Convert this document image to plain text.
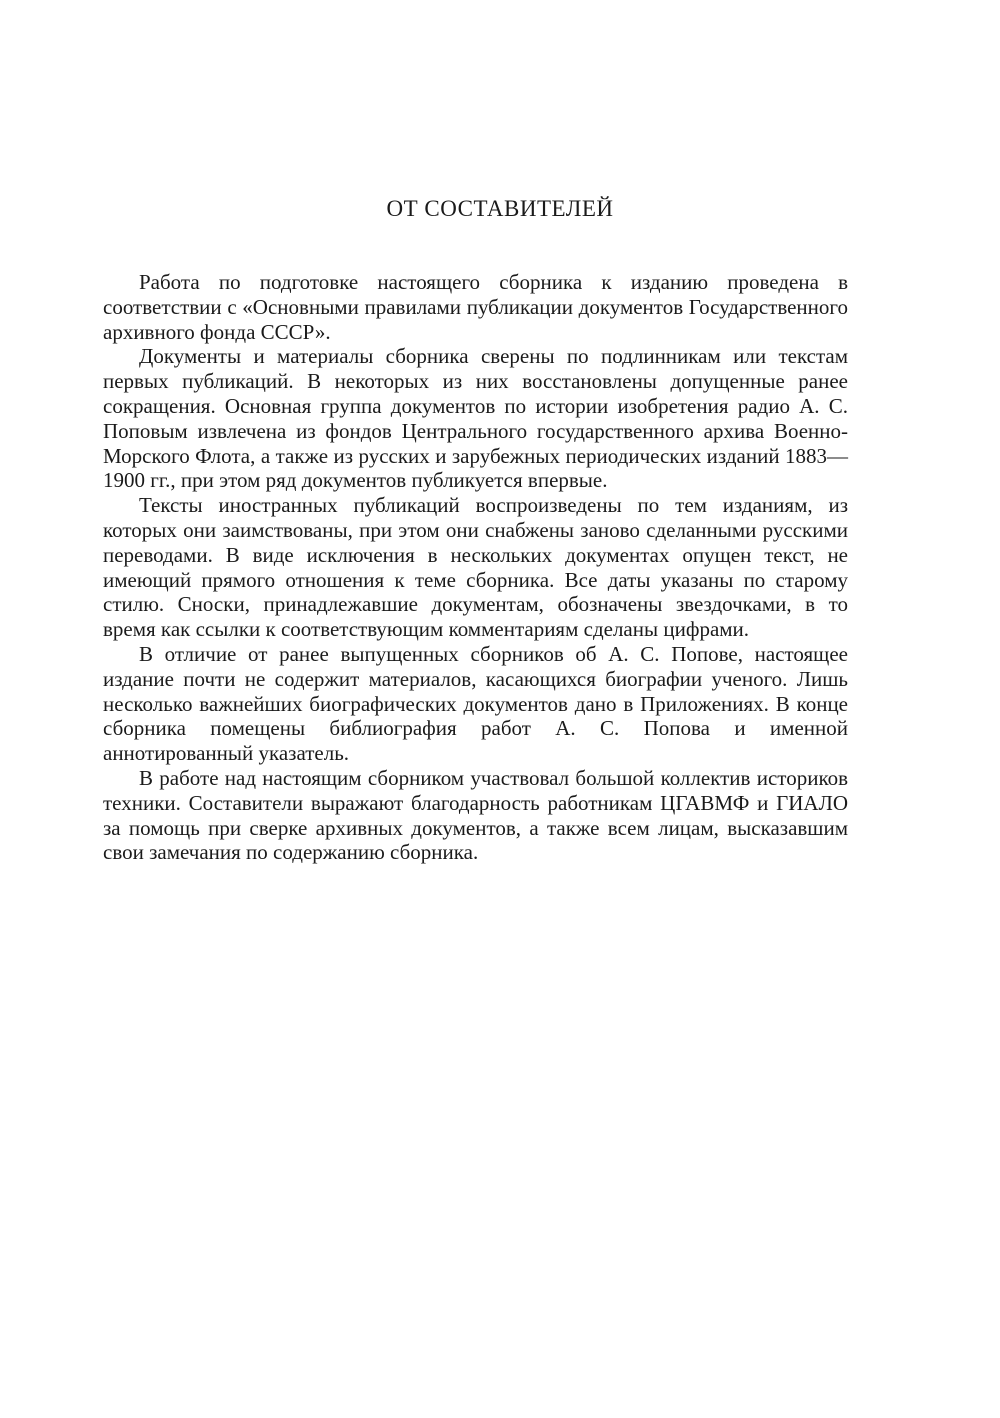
ОТ СОСТАВИТЕЛЕЙ

Работа по подготовке настоящего сборника к изданию проведена в соответствии с «Основными правилами публикации документов Государственного архивного фонда СССР».

Документы и материалы сборника сверены по подлинникам или текстам первых публикаций. В некоторых из них восстановлены допущенные ранее сокращения. Основная группа документов по истории изобретения радио А. С. Поповым извлечена из фондов Центрального государственного архива Военно-Морского Флота, а также из русских и зарубежных периодических изданий 1883—1900 гг., при этом ряд документов публикуется впервые.

Тексты иностранных публикаций воспроизведены по тем изданиям, из которых они заимствованы, при этом они снабжены заново сделанными русскими переводами. В виде исключения в нескольких документах опущен текст, не имеющий прямого отношения к теме сборника. Все даты указаны по старому стилю. Сноски, принадлежавшие документам, обозначены звездочками, в то время как ссылки к соответствующим комментариям сделаны цифрами.

В отличие от ранее выпущенных сборников об А. С. Попове, настоящее издание почти не содержит материалов, касающихся биографии ученого. Лишь несколько важнейших биографических документов дано в Приложениях. В конце сборника помещены библиография работ А. С. Попова и именной аннотированный указатель.

В работе над настоящим сборником участвовал большой коллектив историков техники. Составители выражают благодарность работникам ЦГАВМФ и ГИАЛО за помощь при сверке архивных документов, а также всем лицам, высказавшим свои замечания по содержанию сборника.
